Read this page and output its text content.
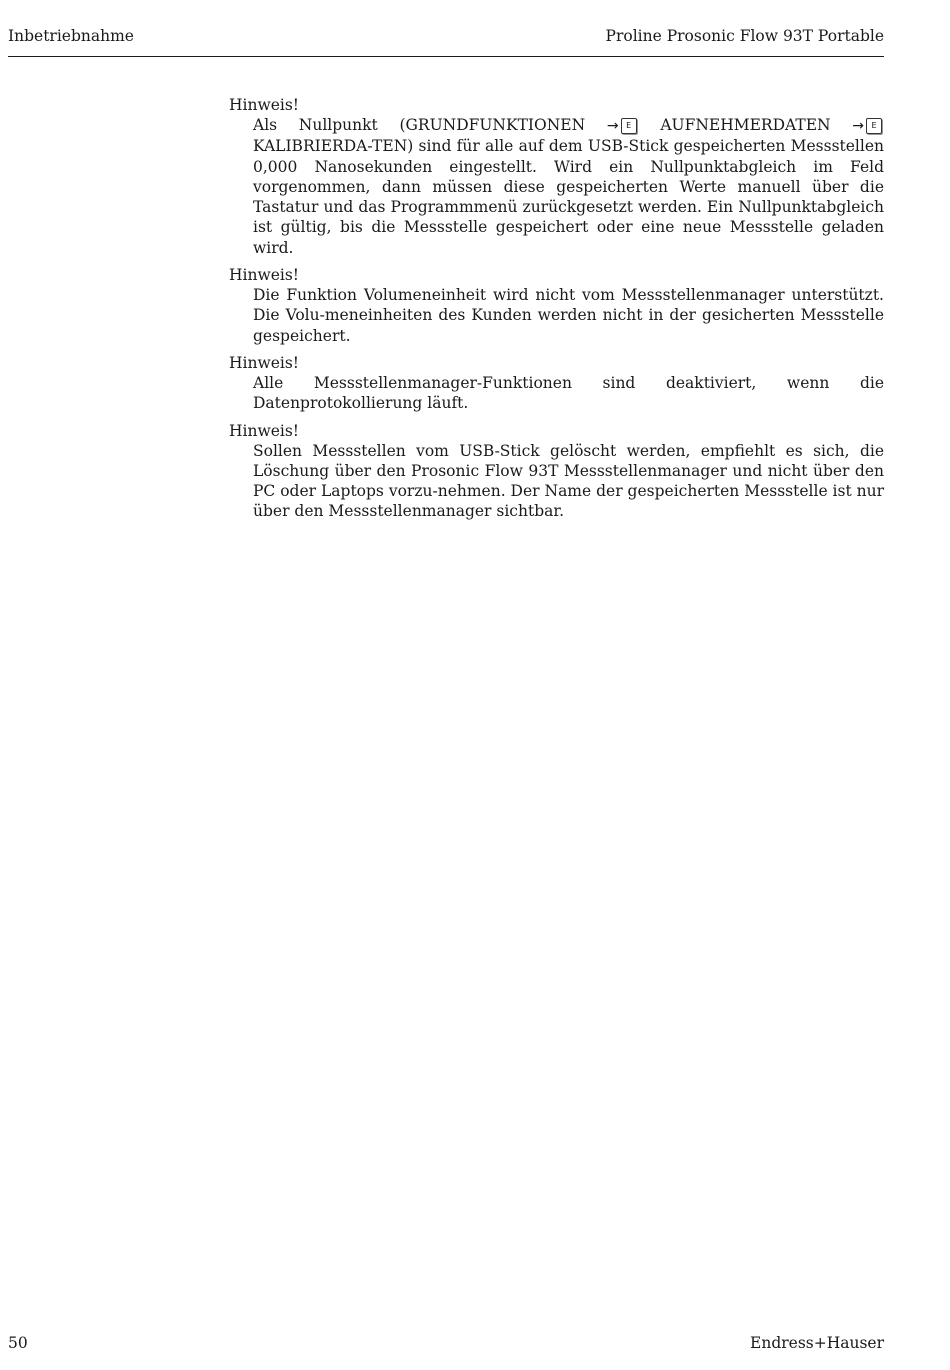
Inbetriebnahme	Proline Prosonic Flow 93T Portable
Hinweis!
Als Nullpunkt (GRUNDFUNKTIONEN → E AUFNEHMERDATEN → E KALIBRIERDA-TEN) sind für alle auf dem USB-Stick gespeicherten Messstellen 0,000 Nanosekunden eingestellt. Wird ein Nullpunktabgleich im Feld vorgenommen, dann müssen diese gespeicherten Werte manuell über die Tastatur und das Programmmenü zurückgesetzt werden. Ein Nullpunktabgleich ist gültig, bis die Messstelle gespeichert oder eine neue Messstelle geladen wird.
Hinweis!
Die Funktion Volumeneinheit wird nicht vom Messstellenmanager unterstützt. Die Volu-meneinheiten des Kunden werden nicht in der gesicherten Messstelle gespeichert.
Hinweis!
Alle Messstellenmanager-Funktionen sind deaktiviert, wenn die Datenprotokollierung läuft.
Hinweis!
Sollen Messstellen vom USB-Stick gelöscht werden, empfiehlt es sich, die Löschung über den Prosonic Flow 93T Messstellenmanager und nicht über den PC oder Laptops vorzu-nehmen. Der Name der gespeicherten Messstelle ist nur über den Messstellenmanager sichtbar.
50	Endress+Hauser
